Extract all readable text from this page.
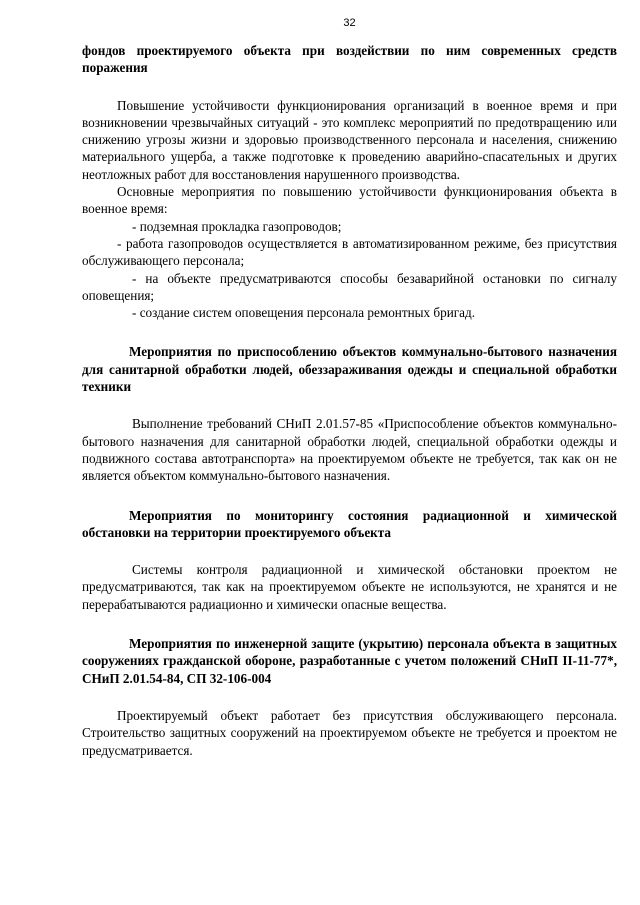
32

фондов проектируемого объекта при воздействии по ним современных средств поражения

Повышение устойчивости функционирования организаций в военное время и при возникновении чрезвычайных ситуаций - это комплекс мероприятий по предотвращению или снижению угрозы жизни и здоровью производственного персонала и населения, снижению материального ущерба, а также подготовке к проведению аварийно-спасательных и других неотложных работ для восстановления нарушенного производства.

Основные мероприятия по повышению устойчивости функционирования объекта в военное время:

- подземная прокладка газопроводов;

- работа газопроводов осуществляется в автоматизированном режиме, без присутствия обслуживающего персонала;

- на объекте предусматриваются способы безаварийной остановки по сигналу оповещения;

- создание систем оповещения персонала ремонтных бригад.

Мероприятия по приспособлению объектов коммунально-бытового назначения для санитарной обработки людей, обеззараживания одежды и специальной обработки техники

Выполнение требований СНиП 2.01.57-85 «Приспособление объектов коммунально-бытового назначения для санитарной обработки людей, специальной обработки одежды и подвижного состава автотранспорта» на проектируемом объекте не требуется, так как он не является объектом коммунально-бытового назначения.

Мероприятия по мониторингу состояния радиационной и химической обстановки на территории проектируемого объекта

Системы контроля радиационной и химической обстановки проектом не предусматриваются, так как на проектируемом объекте не используются, не хранятся и не перерабатываются радиационно и химически опасные вещества.

Мероприятия по инженерной защите (укрытию) персонала объекта в защитных сооружениях гражданской обороне, разработанные с учетом положений СНиП II-11-77*, СНиП 2.01.54-84, СП 32-106-004

Проектируемый объект работает без присутствия обслуживающего персонала. Строительство защитных сооружений на проектируемом объекте не требуется и проектом не предусматривается.
